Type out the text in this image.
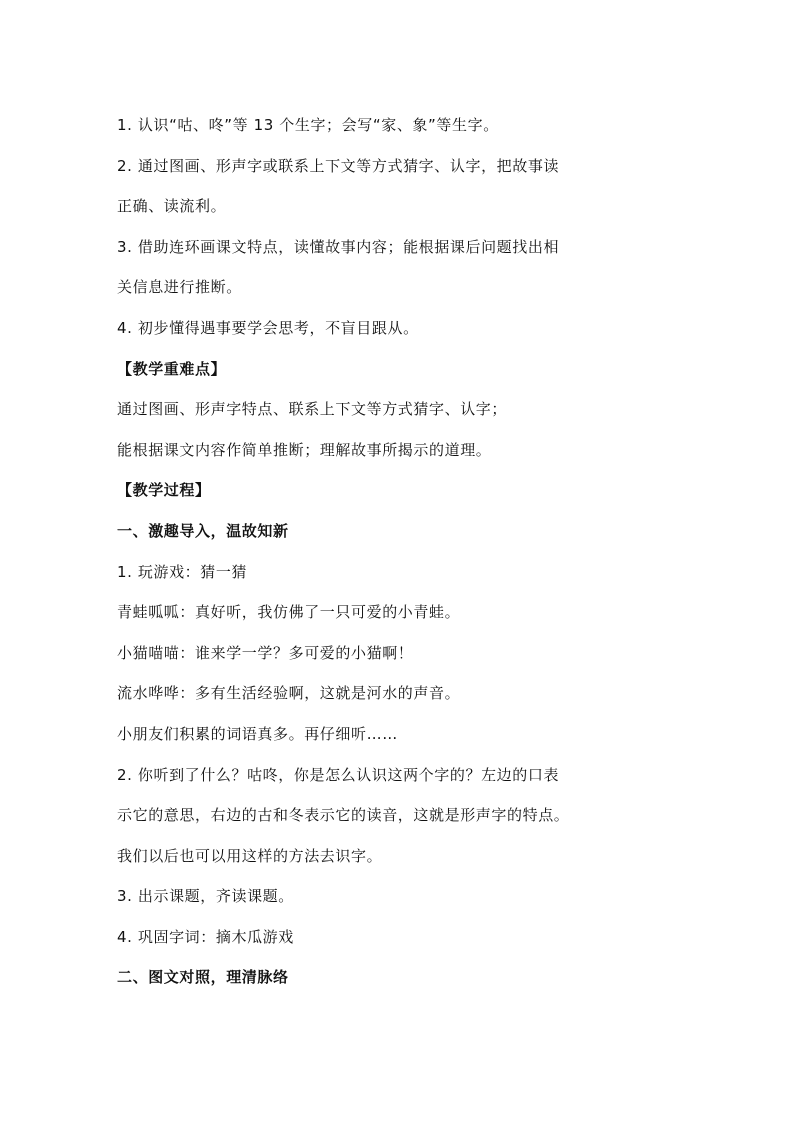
1. 认识“咕、咚”等 13 个生字；会写“家、象”等生字。
2. 通过图画、形声字或联系上下文等方式猜字、认字，把故事读
正确、读流利。
3. 借助连环画课文特点，读懂故事内容；能根据课后问题找出相
关信息进行推断。
4. 初步懂得遇事要学会思考，不盲目跟从。
【教学重难点】
通过图画、形声字特点、联系上下文等方式猜字、认字；
能根据课文内容作简单推断；理解故事所揭示的道理。
【教学过程】
一、激趣导入，温故知新
1. 玩游戏：猜一猜
青蛙呱呱：真好听，我仿佛了一只可爱的小青蛙。
小猫喵喵：谁来学一学？多可爱的小猫啊！
流水哗哗：多有生活经验啊，这就是河水的声音。
小朋友们积累的词语真多。再仔细听……
2. 你听到了什么？咕咚，你是怎么认识这两个字的？左边的口表
示它的意思，右边的古和冬表示它的读音，这就是形声字的特点。
我们以后也可以用这样的方法去识字。
3. 出示课题，齐读课题。
4. 巩固字词：摘木瓜游戏
二、图文对照，理清脉络
